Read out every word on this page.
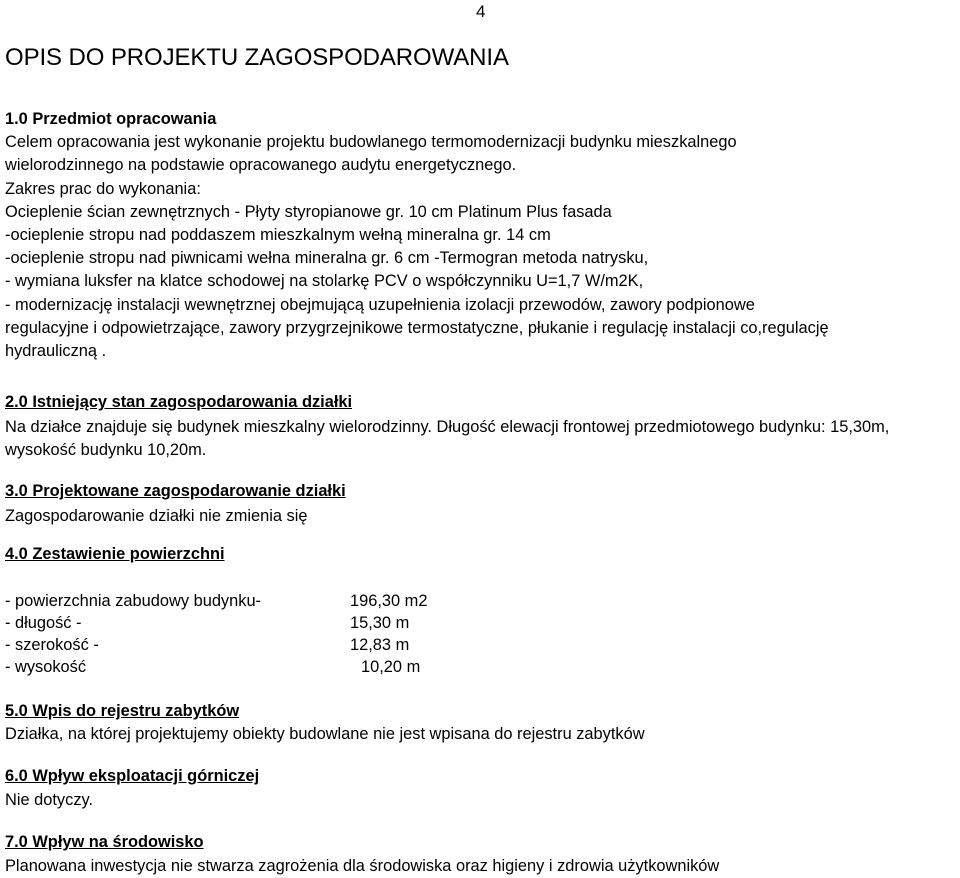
4
OPIS DO PROJEKTU ZAGOSPODAROWANIA

1.0 Przedmiot opracowania

Celem opracowania jest wykonanie projektu budowlanego termomodernizacji budynku mieszkalnego

wielorodzinnego na podstawie opracowanego audytu energetycznego.

Zakres prac do wykonania:

Ocieplenie ścian zewnętrznych - Płyty styropianowe gr. 10 cm Platinum Plus fasada

-ocieplenie stropu nad poddaszem mieszkalnym wełną mineralna gr. 14 cm

-ocieplenie stropu nad piwnicami wełna mineralna gr. 6 cm -Termogran metoda natrysku,

- wymiana luksfer na klatce schodowej na stolarkę PCV o współczynniku U=1,7 W/m2K,

- modernizację instalacji wewnętrznej obejmującą uzupełnienia izolacji przewodów, zawory podpionowe

regulacyjne i odpowietrzające, zawory przygrzejnikowe termostatyczne, płukanie i regulację instalacji co,regulację

hydrauliczną .

2.0 Istniejący stan zagospodarowania działki
Na działce znajduje się budynek mieszkalny wielorodzinny. Długość elewacji frontowej przedmiotowego budynku: 15,30m, wysokość budynku 10,20m.
3.0 Projektowane zagospodarowanie działki
Zagospodarowanie działki nie zmienia się
4.0 Zestawienie powierzchni
- powierzchnia zabudowy budynku-	196,30 m2
- długość -	15,30 m
- szerokość -	12,83 m
- wysokość	10,20 m
5.0 Wpis do rejestru zabytków
Działka, na której projektujemy obiekty budowlane nie jest wpisana do rejestru zabytków
6.0 Wpływ eksploatacji górniczej
Nie dotyczy.
7.0 Wpływ na środowisko
Planowana inwestycja nie stwarza zagrożenia dla środowiska oraz higieny i zdrowia użytkowników
